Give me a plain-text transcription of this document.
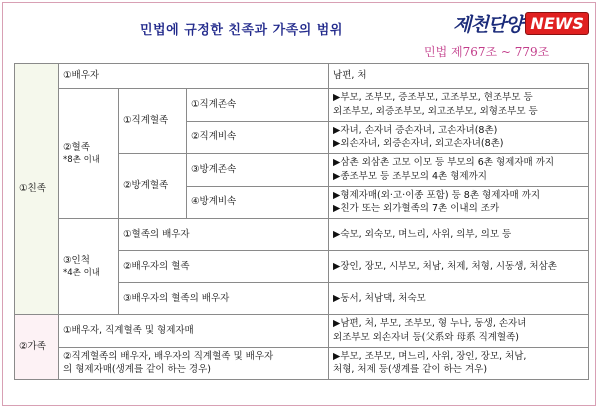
민법에 규정한 친족과 가족의 범위	제천단양 NEWS
민법 제767조 ~ 779조
①친족	①배우자			남편, 처

	②혈족
*8촌 이내	①직계혈족	①직계존속	▶부모, 조부모, 증조부모, 고조부모, 현조부모 등
외조부모, 외증조부모, 외고조부모, 외형조부모 등

			②직계비속	▶자녀, 손자녀 증손자녀, 고손자녀(8촌)
▶외손자녀, 외증손자녀, 외고손자녀(8촌)

		②방계혈족	③방계존속	▶삼촌 외삼촌 고모 이모 등 부모의 6촌 형제자매 까지
▶종조부모 등 조부모의 4촌 형제까지

			④방계비속	▶형제자매(외·고·이종 포함) 등 8촌 형제자매 까지
▶친가 또는 외가혈족의 7촌 이내의 조카

	③인척
*4촌 이내	①혈족의 배우자		▶숙모, 외숙모, 며느리, 사위, 의부, 의모 등
		②배우자의 혈족		▶장인, 장모, 시부모, 처남, 처제, 처형, 시동생, 처삼촌
		③배우자의 혈족의 배우자		▶동서, 처남댁, 처숙모
②가족	①배우자, 직계혈족 및 형제자매			▶남편, 처, 부모, 조부모, 형 누나, 동생, 손자녀
외조부모 외손자녀 등(父系와 母系 직계혈족)

	②직계혈족의 배우자, 배우자의 직계혈족 및 배우자
의 형제자매(생계를 같이 하는 경우)			▶부모, 조부모, 며느리, 사위, 장인, 장모, 처남,
처형, 처제 등(생계를 같이 하는 겨우)
